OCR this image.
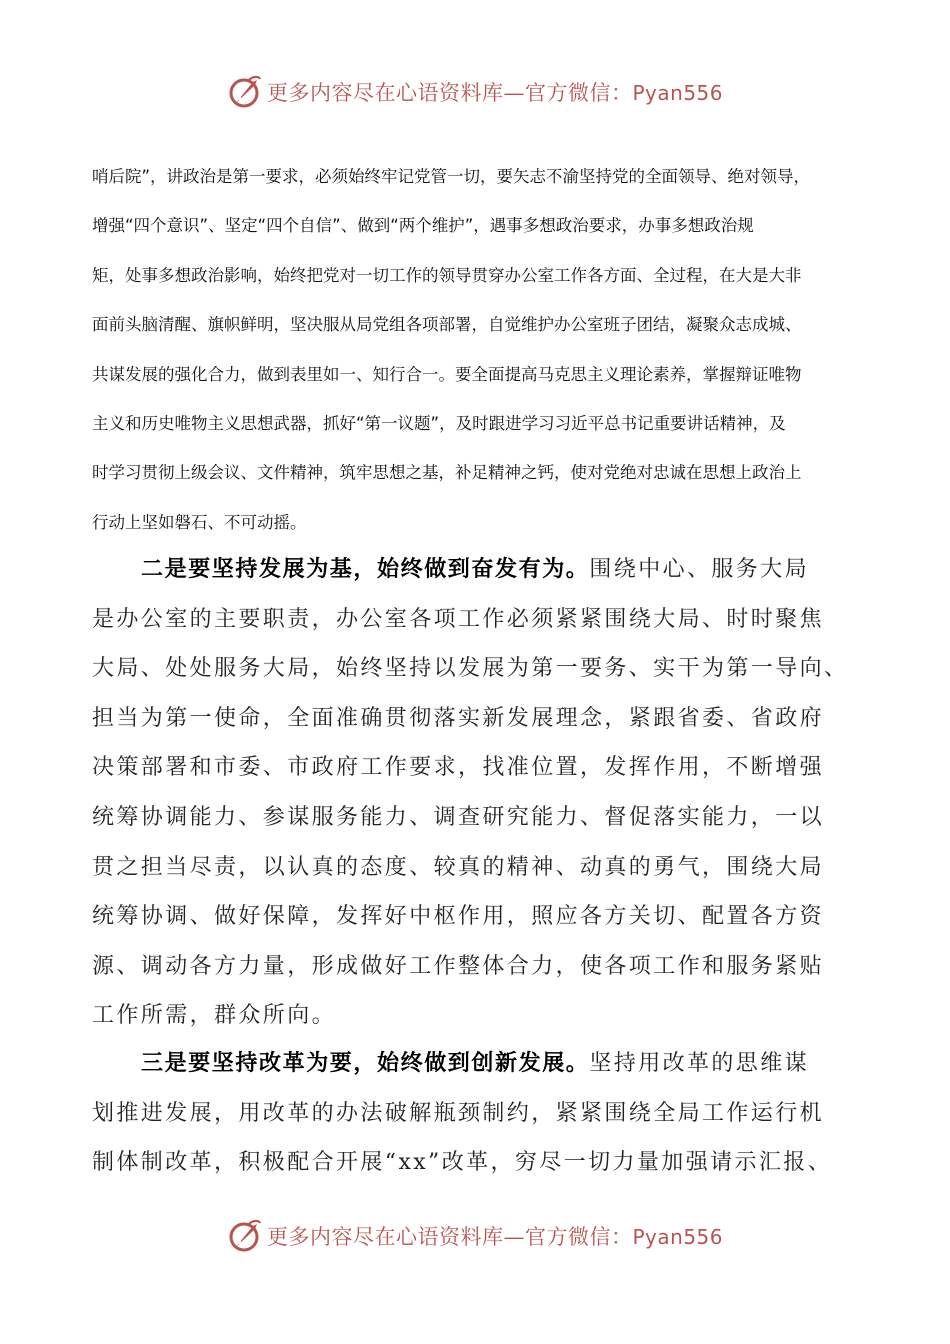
更多内容尽在心语资料库—官方微信：Pyan556
哨后院”，讲政治是第一要求，必须始终牢记党管一切，要矢志不渝坚持党的全面领导、绝对领导，
增强“四个意识”、坚定“四个自信”、做到“两个维护”，遇事多想政治要求，办事多想政治规
矩，处事多想政治影响，始终把党对一切工作的领导贯穿办公室工作各方面、全过程，在大是大非
面前头脑清醒、旗帜鲜明，坚决服从局党组各项部署，自觉维护办公室班子团结，凝聚众志成城、
共谋发展的强化合力，做到表里如一、知行合一。要全面提高马克思主义理论素养，掌握辩证唯物
主义和历史唯物主义思想武器，抓好“第一议题”，及时跟进学习习近平总书记重要讲话精神，及
时学习贯彻上级会议、文件精神，筑牢思想之基，补足精神之钙，使对党绝对忠诚在思想上政治上
行动上坚如磐石、不可动摇。
二是要坚持发展为基，始终做到奋发有为。围绕中心、服务大局
是办公室的主要职责，办公室各项工作必须紧紧围绕大局、时时聚焦
大局、处处服务大局，始终坚持以发展为第一要务、实干为第一导向、
担当为第一使命，全面准确贯彻落实新发展理念，紧跟省委、省政府
决策部署和市委、市政府工作要求，找准位置，发挥作用，不断增强
统筹协调能力、参谋服务能力、调查研究能力、督促落实能力，一以
贯之担当尽责，以认真的态度、较真的精神、动真的勇气，围绕大局
统筹协调、做好保障，发挥好中枢作用，照应各方关切、配置各方资
源、调动各方力量，形成做好工作整体合力，使各项工作和服务紧贴
工作所需，群众所向。
三是要坚持改革为要，始终做到创新发展。坚持用改革的思维谋
划推进发展，用改革的办法破解瓶颈制约，紧紧围绕全局工作运行机
制体制改革，积极配合开展“xx”改革，穷尽一切力量加强请示汇报、
更多内容尽在心语资料库—官方微信：Pyan556
